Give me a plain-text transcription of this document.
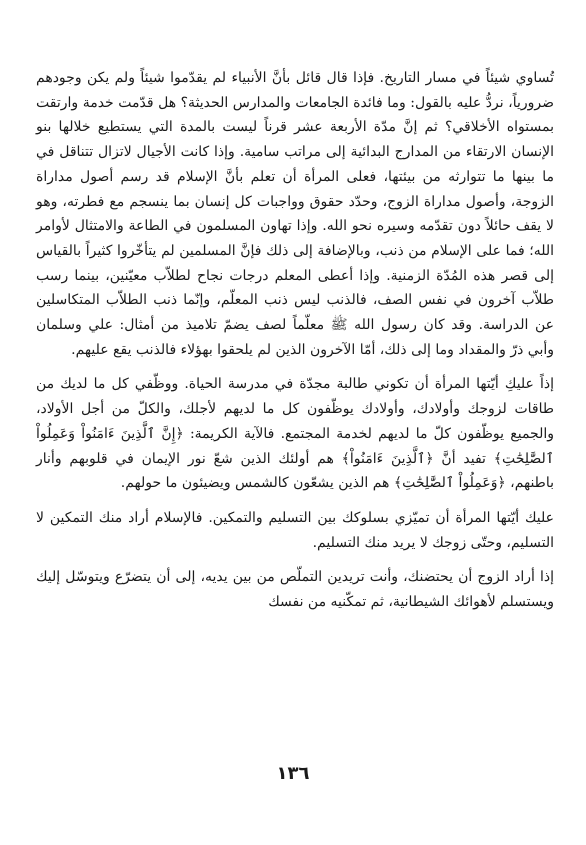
تُساوي شيئاً في مسار التاريخ. فإذا قال قائل بأنَّ الأنبياء لم يقدّموا شيئاً ولم يكن وجودهم ضرورياً، نردُّ عليه بالقول: وما فائدة الجامعات والمدارس الحديثة؟ هل قدّمت خدمة وارتقت بمستواه الأخلاقي؟ ثم إنَّ مدّة الأربعة عشر قرناً ليست بالمدة التي يستطيع خلالها بنو الإنسان الارتقاء من المدارج البدائية إلى مراتب سامية. وإذا كانت الأجيال لاتزال تتناقل في ما بينها ما تتوارثه من بيئتها، فعلى المرأة أن تعلم بأنَّ الإسلام قد رسم أصول مداراة الزوجة، وأصول مداراة الزوج، وحدّد حقوق وواجبات كل إنسان بما ينسجم مع فطرته، وهو لا يقف حائلاً دون تقدّمه وسيره نحو الله. وإذا تهاون المسلمون في الطاعة والامتثال لأوامر الله؛ فما على الإسلام من ذنب، وبالإضافة إلى ذلك فإنَّ المسلمين لم يتأخّروا كثيراً بالقياس إلى قصر هذه المُدّة الزمنية. وإذا أعطى المعلم درجات نجاح لطلاّب معيّنين، بينما رسب طلاّب آخرون في نفس الصف، فالذنب ليس ذنب المعلّم، وإنّما ذنب الطلاّب المتكاسلين عن الدراسة. وقد كان رسول الله ﷺ معلّماً لصف يضمّ تلاميذ من أمثال: علي وسلمان وأبي ذرّ والمقداد وما إلى ذلك، أمّا الآخرون الذين لم يلحقوا بهؤلاء فالذنب يقع عليهم.

إذاً عليكِ أيّتها المرأة أن تكوني طالبة مجدّة في مدرسة الحياة. ووظّفي كل ما لديك من طاقات لزوجك وأولادك، وأولادك يوظّفون كل ما لديهم لأجلك، والكلّ من أجل الأولاد، والجميع يوظّفون كلّ ما لديهم لخدمة المجتمع. فالآية الكريمة: ﴿إِنَّ ٱلَّذِينَ ءَامَنُواْ وَعَمِلُواْ ٱلصَّٰلِحَٰتِ﴾ تفيد أنَّ ﴿ٱلَّذِينَ ءَامَنُواْ﴾ هم أولئك الذين شعّ نور الإيمان في قلوبهم وأنار باطنهم، ﴿وَعَمِلُواْ ٱلصَّٰلِحَٰتِ﴾ هم الذين يشعّون كالشمس ويضيئون ما حولهم.

عليك أيّتها المرأة أن تميّزي بسلوكك بين التسليم والتمكين. فالإسلام أراد منك التمكين لا التسليم، وحتّى زوجك لا يريد منك التسليم.

إذا أراد الزوج أن يحتضنك، وأنت تريدين التملّص من بين يديه، إلى أن يتضرّع ويتوسّل إليك ويستسلم لأهوائك الشيطانية، ثم تمكّنيه من نفسك

١٣٦
